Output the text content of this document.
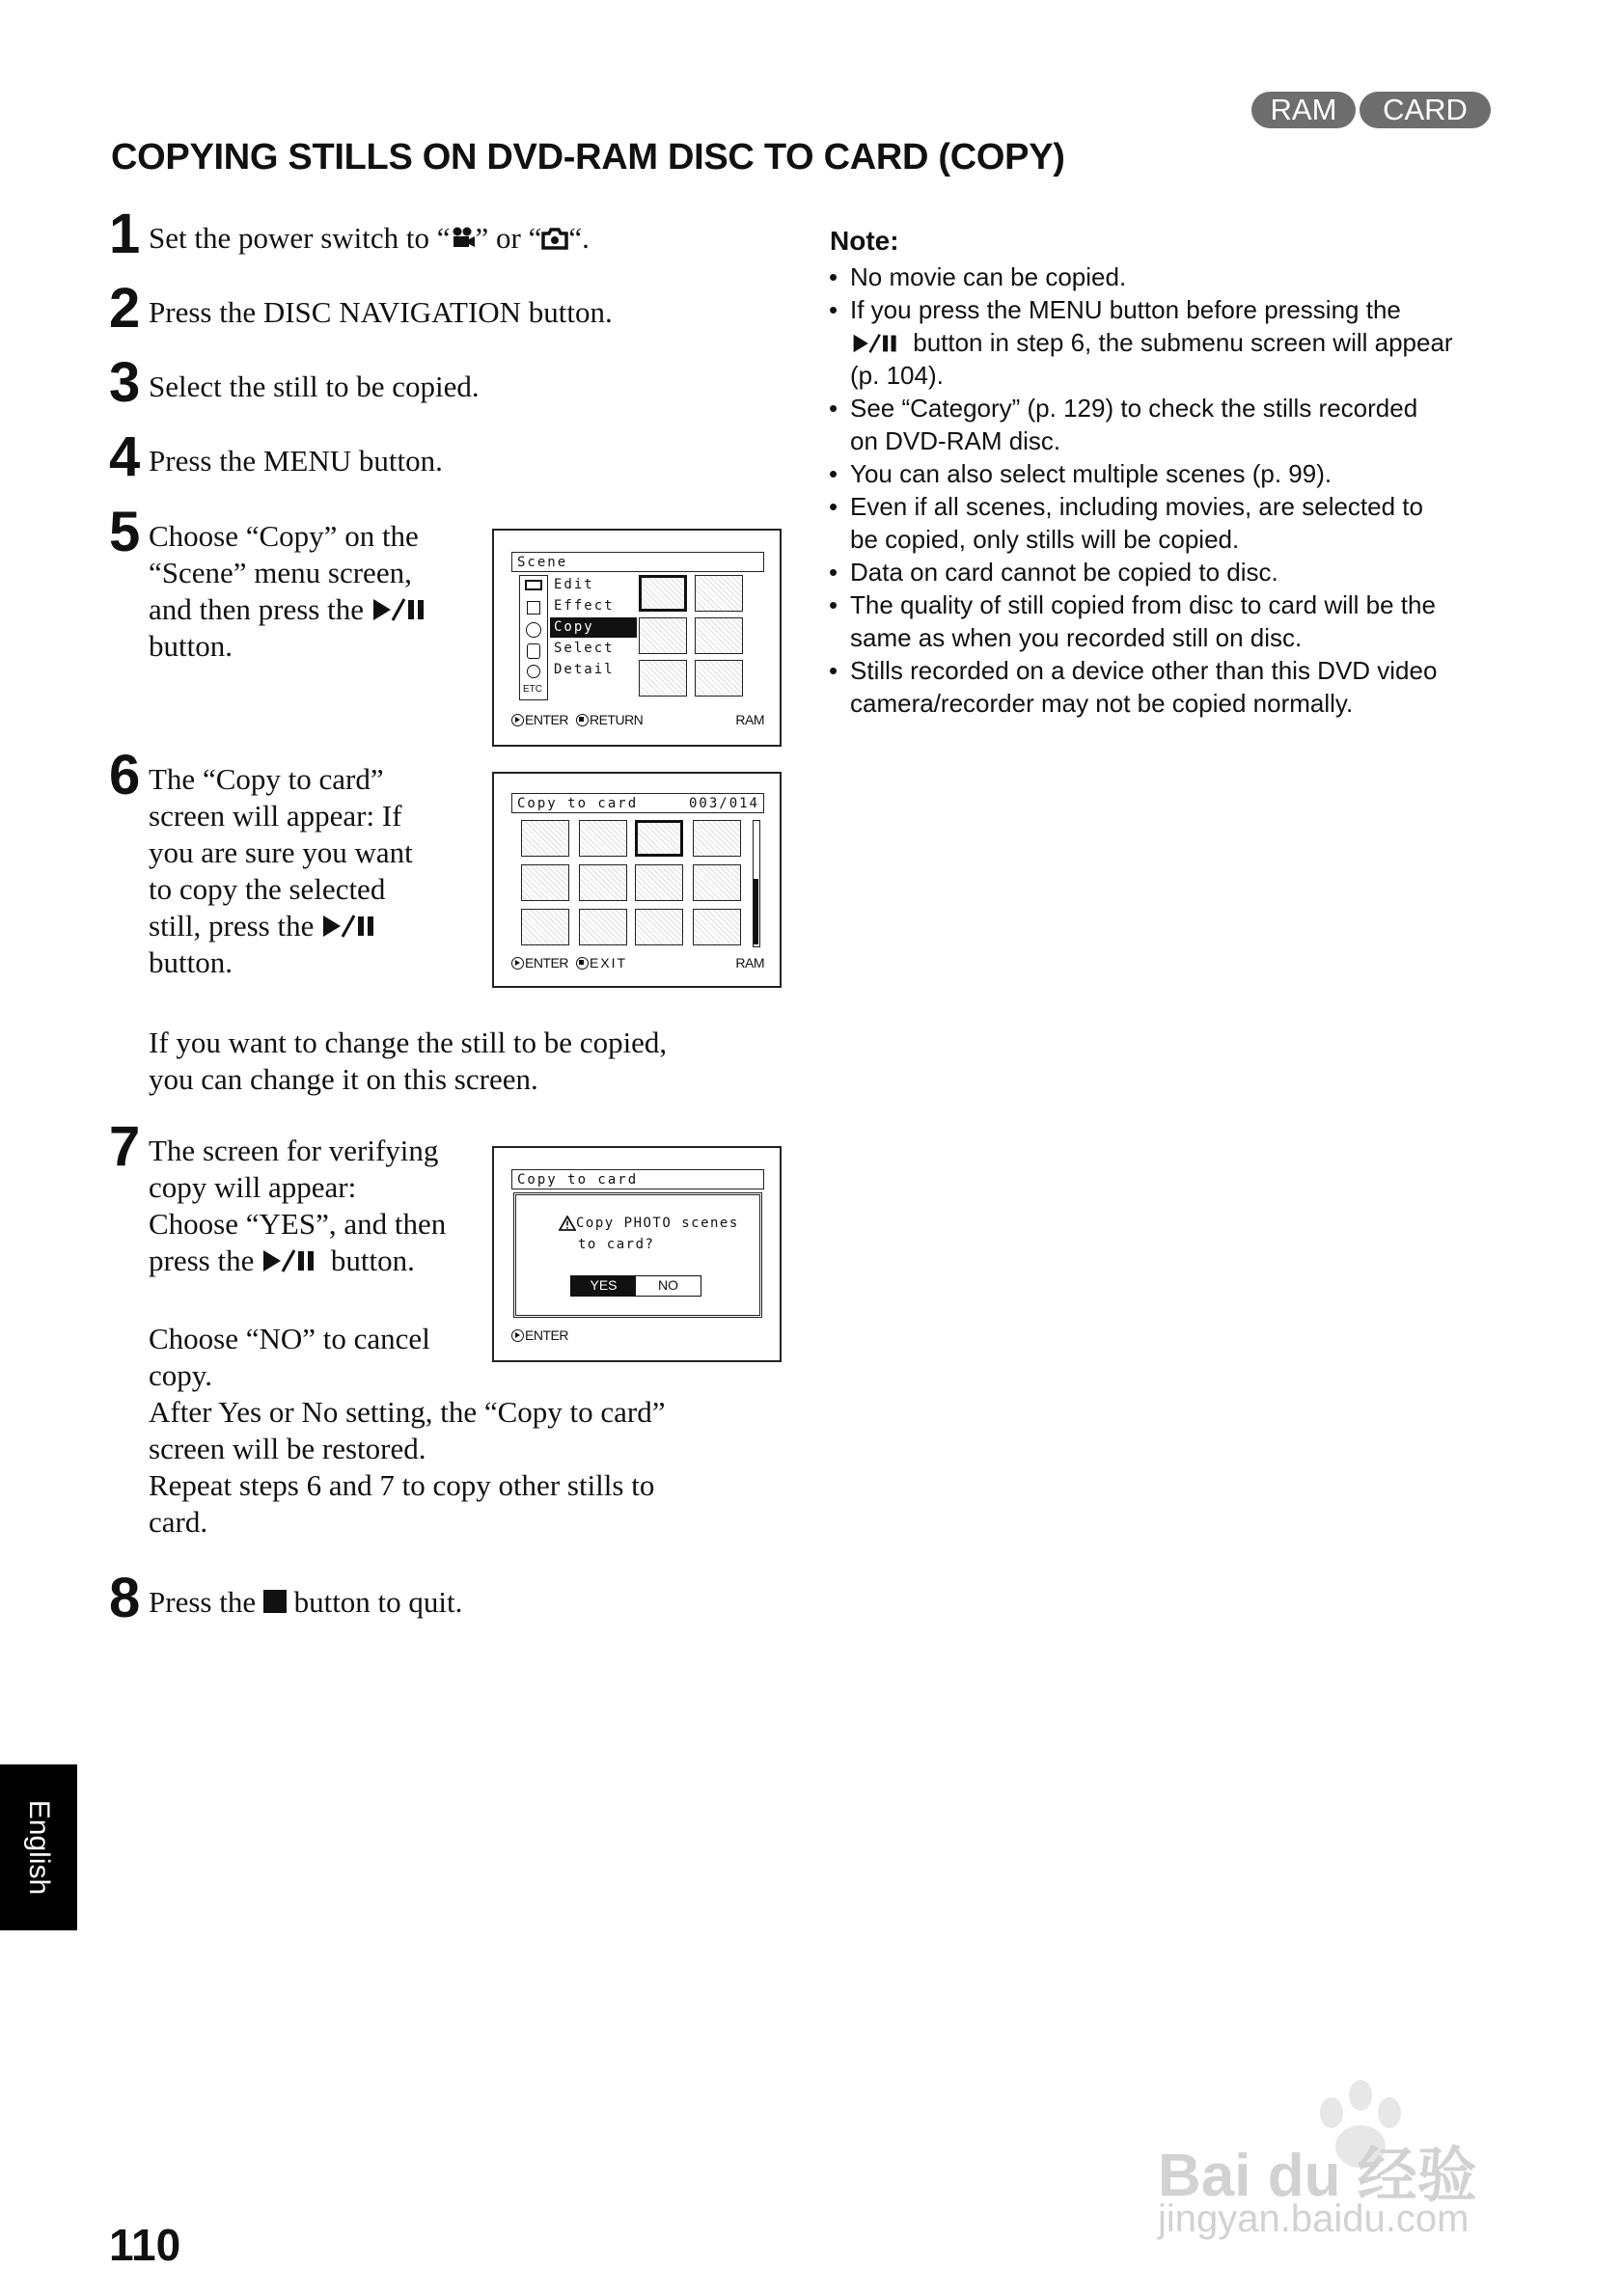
RAM	CARD
COPYING STILLS ON DVD-RAM DISC TO CARD (COPY)
1 Set the power switch to “ ” or “ “.
2 Press the DISC NAVIGATION button.
3 Select the still to be copied.
4 Press the MENU button.
5 Choose “Copy” on the
“Scene” menu screen,
and then press the
button.
Scene
ETC
Edit
Effect
Copy
Select
Detail
ENTER RETURN	RAM
6 The “Copy to card”
screen will appear: If
you are sure you want
to copy the selected
still, press the
button.
If you want to change the still to be copied,
you can change it on this screen.
Copy to card	003/014
ENTER EXIT	RAM
7 The screen for verifying
copy will appear:
Choose “YES”, and then
press the	button.
Choose “NO” to cancel
copy.
After Yes or No setting, the “Copy to card”
screen will be restored.
Repeat steps 6 and 7 to copy other stills to
card.
Copy to card
Copy PHOTO scenes
to card?
YES	NO
ENTER
8 Press the button to quit.
Note:
• No movie can be copied.
• If you press the MENU button before pressing the
button in step 6, the submenu screen will appear
(p. 104).
• See “Category” (p. 129) to check the stills recorded
on DVD-RAM disc.
• You can also select multiple scenes (p. 99).
• Even if all scenes, including movies, are selected to
be copied, only stills will be copied.
• Data on card cannot be copied to disc.
• The quality of still copied from disc to card will be the
same as when you recorded still on disc.
• Stills recorded on a device other than this DVD video
camera/recorder may not be copied normally.
English
110
Bai du 经验
jingyan.baidu.com
